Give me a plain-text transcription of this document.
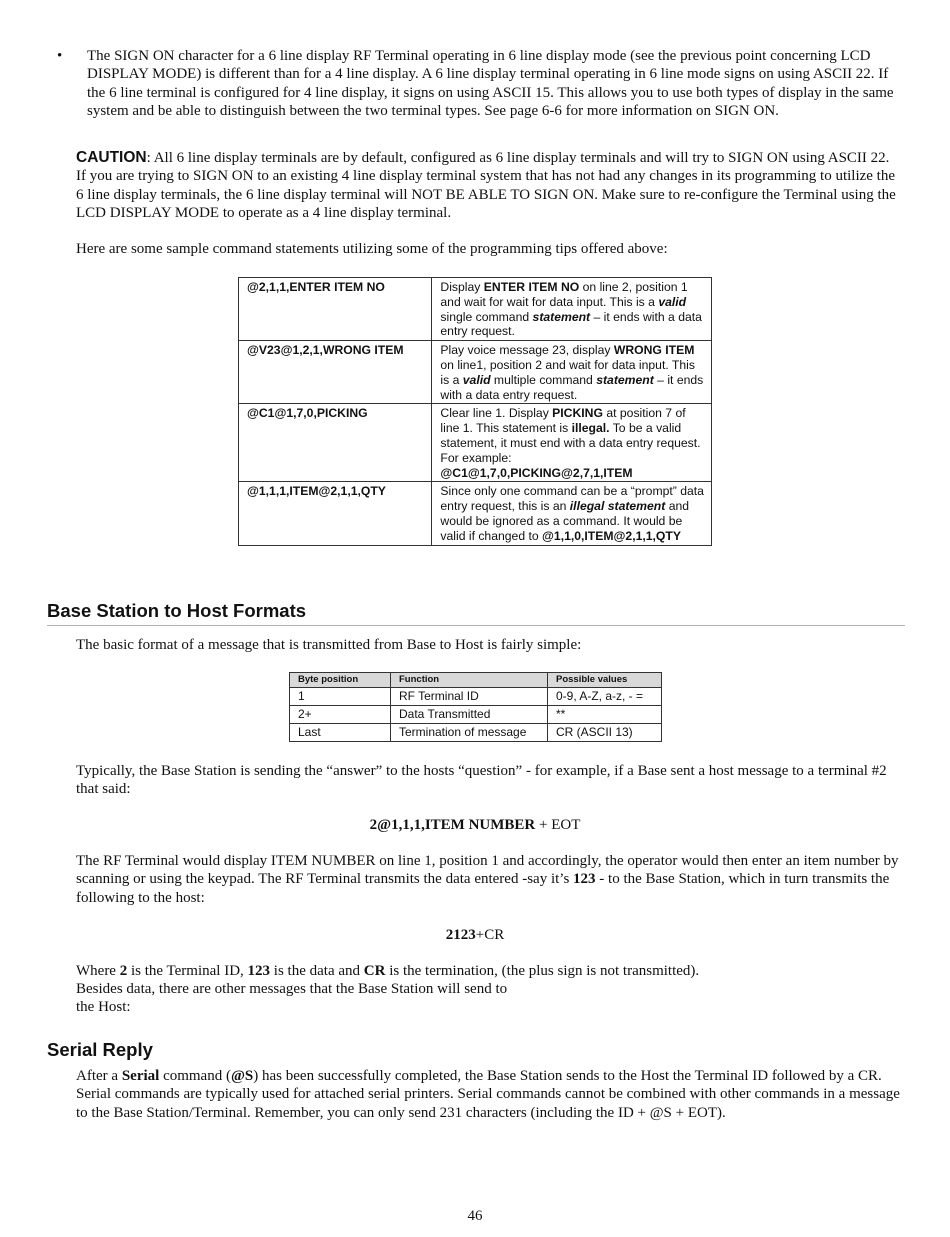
• The SIGN ON character for a 6 line display RF Terminal operating in 6 line display mode (see the previous point concerning LCD DISPLAY MODE) is different than for a 4 line display. A 6 line display terminal operating in 6 line mode signs on using ASCII 22. If the 6 line terminal is configured for 4 line display, it signs on using ASCII 15. This allows you to use both types of display in the same system and be able to distinguish between the two terminal types. See page 6-6 for more information on SIGN ON.
CAUTION: All 6 line display terminals are by default, configured as 6 line display terminals and will try to SIGN ON using ASCII 22. If you are trying to SIGN ON to an existing 4 line display terminal system that has not had any changes in its programming to utilize the 6 line display terminals, the 6 line display terminal will NOT BE ABLE TO SIGN ON. Make sure to re-configure the Terminal using the LCD DISPLAY MODE to operate as a 4 line display terminal.
Here are some sample command statements utilizing some of the programming tips offered above:
@2,1,1,ENTER ITEM NO	Display ENTER ITEM NO on line 2, position 1 and wait for wait for data input. This is a valid single command statement – it ends with a data entry request.
@V23@1,2,1,WRONG ITEM	Play voice message 23, display WRONG ITEM on line1, position 2 and wait for data input. This is a valid multiple command statement – it ends with a data entry request.
@C1@1,7,0,PICKING	Clear line 1. Display PICKING at position 7 of line 1. This statement is illegal. To be a valid statement, it must end with a data entry request. For example:
@C1@1,7,0,PICKING@2,7,1,ITEM
@1,1,1,ITEM@2,1,1,QTY	Since only one command can be a “prompt” data entry request, this is an illegal statement and would be ignored as a command. It would be valid if changed to @1,1,0,ITEM@2,1,1,QTY
Base Station to Host Formats
The basic format of a message that is transmitted from Base to Host is fairly simple:
Byte position	Function	Possible values
1	RF Terminal ID	0-9, A-Z, a-z, - =
2+	Data Transmitted	**
Last	Termination of message	CR (ASCII 13)
Typically, the Base Station is sending the “answer” to the hosts “question” - for example, if a Base sent a host message to a terminal #2 that said:
2@1,1,1,ITEM NUMBER + EOT
The RF Terminal would display ITEM NUMBER on line 1, position 1 and accordingly, the operator would then enter an item number by scanning or using the keypad. The RF Terminal transmits the data entered -say it’s 123 - to the Base Station, which in turn transmits the following to the host:
2123+CR
Where 2 is the Terminal ID, 123 is the data and CR is the termination, (the plus sign is not transmitted).
Besides data, there are other messages that the Base Station will send to
the Host:
Serial Reply
After a Serial command (@S) has been successfully completed, the Base Station sends to the Host the Terminal ID followed by a CR. Serial commands are typically used for attached serial printers. Serial commands cannot be combined with other commands in a message to the Base Station/Terminal. Remember, you can only send 231 characters (including the ID + @S + EOT).
46
